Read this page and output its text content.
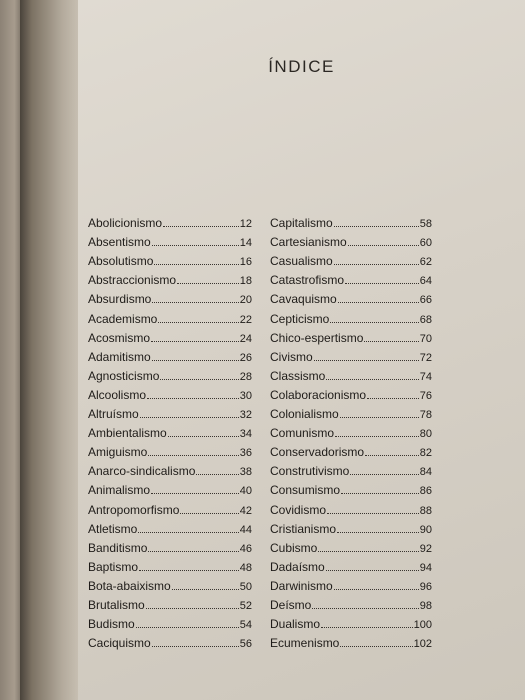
ÍNDICE
Abolicionismo	12
Absentismo	14
Absolutismo	16
Abstraccionismo	18
Absurdismo	20
Academismo	22
Acosmismo	24
Adamitismo	26
Agnosticismo	28
Alcoolismo	30
Altruísmo	32
Ambientalismo	34
Amiguismo	36
Anarco-sindicalismo	38
Animalismo	40
Antropomorfismo	42
Atletismo	44
Banditismo	46
Baptismo	48
Bota-abaixismo	50
Brutalismo	52
Budismo	54
Caciquismo	56
Capitalismo	58
Cartesianismo	60
Casualismo	62
Catastrofismo	64
Cavaquismo	66
Cepticismo	68
Chico-espertismo	70
Civismo	72
Classismo	74
Colaboracionismo	76
Colonialismo	78
Comunismo	80
Conservadorismo	82
Construtivismo	84
Consumismo	86
Covidismo	88
Cristianismo	90
Cubismo	92
Dadaísmo	94
Darwinismo	96
Deísmo	98
Dualismo	100
Ecumenismo	102
